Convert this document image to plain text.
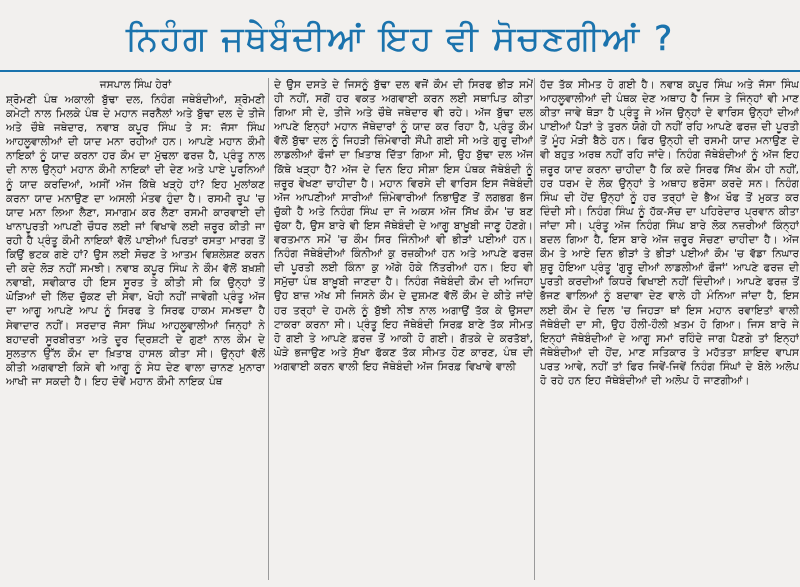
ਨਿਹੰਗ ਜਥੇਬੰਦੀਆਂ ਇਹ ਵੀ ਸੋਚਣਗੀਆਂ ?
ਜਸਪਾਲ ਸਿੰਘ ਹੇਰਾਂ

ਸ਼੍ਰੋਮਣੀ ਪੰਥ ਅਕਾਲੀ ਬੁੱਢਾ ਦਲ, ਨਿਹੰਗ ਜਥੇਬੰਦੀਆਂ, ਸ਼੍ਰੋਮਣੀ ਕਮੇਟੀ ਨਾਲ ਮਿਲਕੇ ਪੰਥ ਦੇ ਮਹਾਨ ਜਰਨੈਲਾਂ ਅਤੇ ਬੁੱਢਾ ਦਲ ਦੇ ਤੀਜੇ ਅਤੇ ਚੌਥੇ ਜਥੇਦਾਰ, ਨਵਾਬ ਕਪੂਰ ਸਿੰਘ ਤੇ ਸ: ਜੱਸਾ ਸਿੰਘ ਆਹਲੂਵਾਲੀਆਂ ਦੀ ਯਾਦ ਮਨਾ ਰਹੀਆਂ ਹਨ। ਆਪਣੇ ਮਹਾਨ ਕੌਮੀ ਨਾਇਕਾਂ ਨੂੰ ਯਾਦ ਕਰਨਾ ਹਰ ਕੌਮ ਦਾ ਮੁੱਢਲਾ ਫਰਜ਼ ਹੈ, ਪ੍ਰੰਤੂ ਨਾਲ ਦੀ ਨਾਲ ਉਨ੍ਹਾਂ ਮਹਾਨ ਕੌਮੀ ਨਾਇਕਾਂ ਦੀ ਦੇਣ ਅਤੇ ਪਾਏ ਪੂਰਨਿਆਂ ਨੂੰ ਯਾਦ ਕਰਦਿਆਂ, ਅਸੀਂ ਅੱਜ ਕਿੱਥੇ ਖੜ੍ਹੇ ਹਾਂ? ਇਹ ਮੁਲਾਂਕਣ ਕਰਨਾ ਯਾਦ ਮਨਾਉਣ ਦਾ ਅਸਲੀ ਮੰਤਵ ਹੁੰਦਾ ਹੈ। ਰਸਮੀ ਰੂਪ 'ਚ ਯਾਦ ਮਨਾ ਲਿਆ ਲੈਣਾ, ਸਮਾਗਮ ਕਰ ਲੈਣਾ ਰਸਮੀ ਕਾਰਵਾਈ ਦੀ ਖਾਨਾਪੂਰਤੀ ਆਪਣੀ ਚੌਧਰ ਲਈ ਜਾਂ ਵਿਖਾਵੇ ਲਈ ਜ਼ਰੂਰ ਕੀਤੀ ਜਾ ਰਹੀ ਹੈ ਪ੍ਰੰਤੂ ਕੌਮੀ ਨਾਇਕਾਂ ਵੱਲੋਂ ਪਾਈਆਂ ਪਿਰਤਾਂ ਰਸਤਾ ਮਾਰਗ ਤੋਂ ਕਿਉਂ ਭਟਕ ਗਏ ਹਾਂ? ਉਸ ਲਈ ਸੋਚਣ ਤੇ ਆਤਮ ਵਿਸ਼ਲੇਸ਼ਣ ਕਰਨ ਦੀ ਕਦੇ ਲੋੜ ਨਹੀਂ ਸਮਝੀ। ਨਵਾਬ ਕਪੂਰ ਸਿੰਘ ਨੇ ਕੌਮ ਵੱਲੋਂ ਬਖ਼ਸ਼ੀ ਨਵਾਬੀ, ਸਵੀਕਾਰ ਹੀ ਇਸ ਸੂਰਤ ਤੇ ਕੀਤੀ ਸੀ ਕਿ ਉਨ੍ਹਾਂ ਤੋਂ ਘੋੜਿਆਂ ਦੀ ਲਿੱਦ ਚੁੱਕਣ ਦੀ ਸੇਵਾ, ਖੋਹੀ ਨਹੀਂ ਜਾਵੇਗੀ ਪ੍ਰੰਤੂ ਅੱਜ ਦਾ ਆਗੂ ਆਪਣੇ ਆਪ ਨੂੰ ਸਿਰਫ ਤੇ ਸਿਰਫ ਹਾਕਮ ਸਮਝਦਾ ਹੈ ਸੇਵਾਦਾਰ ਨਹੀਂ। ਸਰਦਾਰ ਜੱਸਾ ਸਿੰਘ ਆਹਲੂਵਾਲੀਆਂ ਜਿਨ੍ਹਾਂ ਨੇ ਬਹਾਦਰੀ ਸੂਰਬੀਰਤਾ ਅਤੇ ਦੂਰ ਦ੍ਰਿਸ਼ਟੀ ਦੇ ਗੁਣਾਂ ਨਾਲ ਕੌਮ ਦੇ ਸੁਲਤਾਨ ਉੱਲ ਕੌਮ ਦਾ ਖ਼ਿਤਾਬ ਹਾਸਲ ਕੀਤਾ ਸੀ। ਉਨ੍ਹਾਂ ਵੱਲੋਂ ਕੀਤੀ ਅਗਵਾਈ ਕਿਸੇ ਵੀ ਆਗੂ ਨੂੰ ਸੇਧ ਦੇਣ ਵਾਲਾ ਚਾਨਣ ਮੁਨਾਰਾ ਆਖੀ ਜਾ ਸਕਦੀ ਹੈ। ਇਹ ਦੋਵੇਂ ਮਹਾਨ ਕੌਮੀ ਨਾਇਕ ਪੰਥ

ਦੇ ਉਸ ਦਸਤੇ ਦੇ ਜਿਸਨੂੰ ਬੁੱਢਾ ਦਲ ਵਜੋਂ ਕੌਮ ਦੀ ਸਿਰਫ ਭੀੜ ਸਮੇਂ ਹੀ ਨਹੀਂ, ਸਗੋਂ ਹਰ ਵਕਤ ਅਗਵਾਈ ਕਰਨ ਲਈ ਸਥਾਪਿਤ ਕੀਤਾ ਗਿਆ ਸੀ ਦੇ, ਤੀਜੇ ਅਤੇ ਚੌਥੇ ਜਥੇਦਾਰ ਵੀ ਰਹੇ। ਅੱਜ ਬੁੱਢਾ ਦਲ ਆਪਣੇ ਇਨ੍ਹਾਂ ਮਹਾਨ ਜੱਥੇਦਾਰਾਂ ਨੂੰ ਯਾਦ ਕਰ ਰਿਹਾ ਹੈ, ਪ੍ਰੰਤੂ ਕੌਮ ਵੱਲੋਂ ਬੁੱਢਾ ਦਲ ਨੂੰ ਜਿਹੜੀ ਜ਼ਿੰਮੇਵਾਰੀ ਸੌਂਪੀ ਗਈ ਸੀ ਅਤੇ ਗੁਰੂ ਦੀਆਂ ਲਾਡਲੀਆਂ ਫੌਜਾਂ ਦਾ ਖ਼ਿਤਾਬ ਦਿੱਤਾ ਗਿਆ ਸੀ, ਉਹ ਬੁੱਢਾ ਦਲ ਅੱਜ ਕਿੱਥੇ ਖੜ੍ਹਾ ਹੈ? ਅੱਜ ਦੇ ਦਿਨ ਇਹ ਸੀਸ਼ਾ ਇਸ ਪੰਥਕ ਜੱਥੇਬੰਦੀ ਨੂੰ ਜ਼ਰੂਰ ਵੇਖਣਾ ਚਾਹੀਦਾ ਹੈ। ਮਹਾਨ ਵਿਰਸੇ ਦੀ ਵਾਰਿਸ ਇਸ ਜੱਥੇਬੰਦੀ ਅੱਜ ਆਪਣੀਆਂ ਸਾਰੀਆਂ ਜ਼ਿੰਮੇਵਾਰੀਆਂ ਨਿਭਾਉਣ ਤੋਂ ਲਗਭਗ ਭੱਜ ਚੁੱਕੀ ਹੈ ਅਤੇ ਨਿਹੰਗ ਸਿੰਘ ਦਾ ਜੋ ਅਕਸ ਅੱਜ ਸਿੱਖ ਕੌਮ 'ਚ ਬਣ ਚੁੱਕਾ ਹੈ, ਉਸ ਬਾਰੇ ਵੀ ਇਸ ਜੱਥੇਬੰਦੀ ਦੇ ਆਗੂ ਬਾਖ਼ੂਬੀ ਜਾਣੂ ਹੋਣਗੇ। ਵਰਤਮਾਨ ਸਮੇਂ 'ਚ ਕੌਮ ਸਿਰ ਜਿੰਨੀਆਂ ਵੀ ਭੀੜਾਂ ਪਈਆਂ ਹਨ। ਨਿਹੰਗ ਜੱਥੇਬੰਦੀਆਂ ਕਿੰਨੀਆਂ ਕੁ ਰਜ਼ਕੀਆਂ ਹਨ ਅਤੇ ਆਪਣੇ ਫਰਜ਼ ਦੀ ਪੂਰਤੀ ਲਈ ਕਿੰਨਾ ਕੁ ਅੱਗੇ ਹੋਕੇ ਨਿੱਤਰੀਆਂ ਹਨ। ਇਹ ਵੀ ਸਮੁੱਚਾ ਪੰਥ ਬਾਖ਼ੂਬੀ ਜਾਣਦਾ ਹੈ। ਨਿਹੰਗ ਜੱਥੇਬੰਦੀ ਕੌਮ ਦੀ ਅਜਿਹਾ ਉਹ ਬਾਜ਼ ਅੱਖ ਸੀ ਜਿਸਨੇ ਕੌਮ ਦੇ ਦੁਸ਼ਮਣ ਵੱਲੋਂ ਕੌਮ ਦੇ ਕੀਤੇ ਜਾਂਦੇ ਹਰ ਤਰ੍ਹਾਂ ਦੇ ਹਮਲੇ ਨੂੰ ਬੁੱਝੀ ਨੀਝ ਨਾਲ ਅਗਾਉਂ ਤੱਕ ਕੇ ਉਸਦਾ ਟਾਕਰਾ ਕਰਨਾ ਸੀ। ਪ੍ਰੰਤੂ ਇਹ ਜੱਥੇਬੰਦੀ ਸਿਰਫ਼ ਬਾਣੇ ਤੱਕ ਸੀਮਤ ਹੋ ਗਈ ਤੇ ਆਪਣੇ ਫ਼ਰਜ਼ ਤੋਂ ਆਕੀ ਹੋ ਗਈ। ਗੱਤਕੇ ਦੇ ਕਰਤੱਬਾਂ, ਘੋੜੇ ਭਜਾਉਣ ਅਤੇ ਸੁੱਖਾ ਫੱਕਣ ਤੱਕ ਸੀਮਤ ਹੋਣ ਕਾਰਣ, ਪੰਥ ਦੀ ਅਗਵਾਈ ਕਰਨ ਵਾਲੀ ਇਹ ਜੱਥੇਬੰਦੀ ਅੱਜ ਸਿਰਫ਼ ਵਿਖਾਵੇ ਵਾਲੀ

ਹੱਦ ਤੱਕ ਸੀਮਤ ਹੋ ਗਈ ਹੈ। ਨਵਾਬ ਕਪੂਰ ਸਿੰਘ ਅਤੇ ਜੱਸਾ ਸਿੰਘ ਆਹਲੂਵਾਲੀਆਂ ਦੀ ਪੰਥਕ ਦੇਣ ਅਥਾਹ ਹੈ ਜਿਸ ਤੇ ਜਿੰਨ੍ਹਾਂ ਵੀ ਮਾਣ ਕੀਤਾ ਜਾਵੇ ਥੋੜਾ ਹੈ ਪ੍ਰੰਤੂ ਜੇ ਅੱਜ ਉਨ੍ਹਾਂ ਦੇ ਵਾਰਿਸ ਉਨ੍ਹਾਂ ਦੀਆਂ ਪਾਈਆਂ ਪੈੜਾਂ ਤੇ ਤੁਰਨ ਯੋਗੇ ਹੀ ਨਹੀਂ ਰਹਿ ਆਪਣੇ ਫਰਜ਼ ਦੀ ਪੂਰਤੀ ਤੋਂ ਮੂੰਹ ਮੋੜੀ ਬੈਠੇ ਹਨ। ਫਿਰ ਉਨ੍ਹੀ ਦੀ ਰਸਮੀ ਯਾਦ ਮਨਾਉਣ ਦੇ ਵੀ ਬਹੁਤ ਅਰਥ ਨਹੀਂ ਰਹਿ ਜਾਂਦੇ। ਨਿਹੰਗ ਜੱਥੇਬੰਦੀਆਂ ਨੂੰ ਅੱਜ ਇਹ ਜ਼ਰੂਰ ਯਾਦ ਕਰਨਾ ਚਾਹੀਦਾ ਹੈ ਕਿ ਕਦੇ ਸਿਰਫ ਸਿੱਖ ਕੌਮ ਹੀ ਨਹੀਂ, ਹਰ ਧਰਮ ਦੇ ਲੋਕ ਉਨ੍ਹਾਂ ਤੇ ਅਥਾਹ ਭਰੋਸਾ ਕਰਦੇ ਸਨ। ਨਿਹੰਗ ਸਿੰਘ ਦੀ ਹੇਂਦ ਉਨ੍ਹਾਂ ਨੂੰ ਹਰ ਤਰ੍ਹਾਂ ਦੇ ਭੈਅ ਖੌਫ ਤੋਂ ਮੁਕਤ ਕਰ ਦਿੰਦੀ ਸੀ। ਨਿਹੰਗ ਸਿੰਘ ਨੂੰ ਹੱਕ-ਸੱਚ ਦਾ ਪਹਿਰੇਦਾਰ ਪ੍ਰਵਾਨ ਕੀਤਾ ਜਾਂਦਾ ਸੀ। ਪ੍ਰੰਤੂ ਅੱਜ ਨਿਹੰਗ ਸਿੰਘ ਬਾਰੇ ਲੋਕ ਨਜ਼ਰੀਆਂ ਕਿੰਨ੍ਹਾਂ ਬਦਲ ਗਿਆ ਹੈ, ਇਸ ਬਾਰੇ ਅੱਜ ਜ਼ਰੂਰ ਸੋਚਣਾ ਚਾਹੀਦਾ ਹੈ। ਅੱਜ ਕੌਮ ਤੇ ਆਏ ਦਿਨ ਭੀੜਾਂ ਤੇ ਭੀੜਾਂ ਪਈਆਂ ਕੌਮ 'ਚ ਵੱਡਾ ਨਿਘਾਰ ਸ਼ੁਰੂ ਹੋਇਆ ਪ੍ਰੰਤੂ 'ਗੁਰੂ ਦੀਆਂ ਲਾਡਲੀਆਂ ਫੌਜਾਂ' ਆਪਣੇ ਫਰਜ਼ ਦੀ ਪੂਰਤੀ ਕਰਦੀਆਂ ਕਿਧਰੇ ਵਿਖਾਈ ਨਹੀਂ ਦਿੰਦੀਆਂ। ਆਪਣੇ ਫਰਜ਼ ਤੋਂ ਭੱਜਣ ਵਾਲਿਆਂ ਨੂੰ ਬਦਾਵਾ ਦੇਣ ਵਾਲੇ ਹੀ ਮੰਨਿਆ ਜਾਂਦਾ ਹੈ, ਇਸ ਲਈ ਕੌਮ ਦੇ ਦਿਲ 'ਚ ਜਿਹੜਾ ਥਾਂ ਇਸ ਮਹਾਨ ਰਵਾਇਤਾਂ ਵਾਲੀ ਜੱਥੇਬੰਦੀ ਦਾ ਸੀ, ਉਹ ਹੌਲੀ-ਹੌਲੀ ਖ਼ਤਮ ਹੋ ਗਿਆ। ਜਿਸ ਬਾਰੇ ਜੇ ਇਨ੍ਹਾਂ ਜੱਥੇਬੰਦੀਆਂ ਦੇ ਆਗੂ ਸਮਾਂ ਰਹਿੰਦੇ ਜਾਗ ਪੈਣਗੇ ਤਾਂ ਇਨ੍ਹਾਂ ਜੱਥੇਬੰਦੀਆਂ ਦੀ ਹੋਂਦ, ਮਾਣ ਸਤਿਕਾਰ ਤੇ ਮਹੱਤਤਾ ਸ਼ਾਇਦ ਵਾਪਸ ਪਰਤ ਆਵੇ, ਨਹੀਂ ਤਾਂ ਫਿਰ ਜਿਵੇਂ-ਜਿਵੇਂ ਨਿਹੰਗ ਸਿੰਘਾਂ ਦੇ ਬੋਲੇ ਅਲੋਪ ਹੋ ਰਹੇ ਹਨ ਇਹ ਜੱਥੇਬੰਦੀਆਂ ਦੀ ਅਲੋਪ ਹੋ ਜਾਣਗੀਆਂ।
